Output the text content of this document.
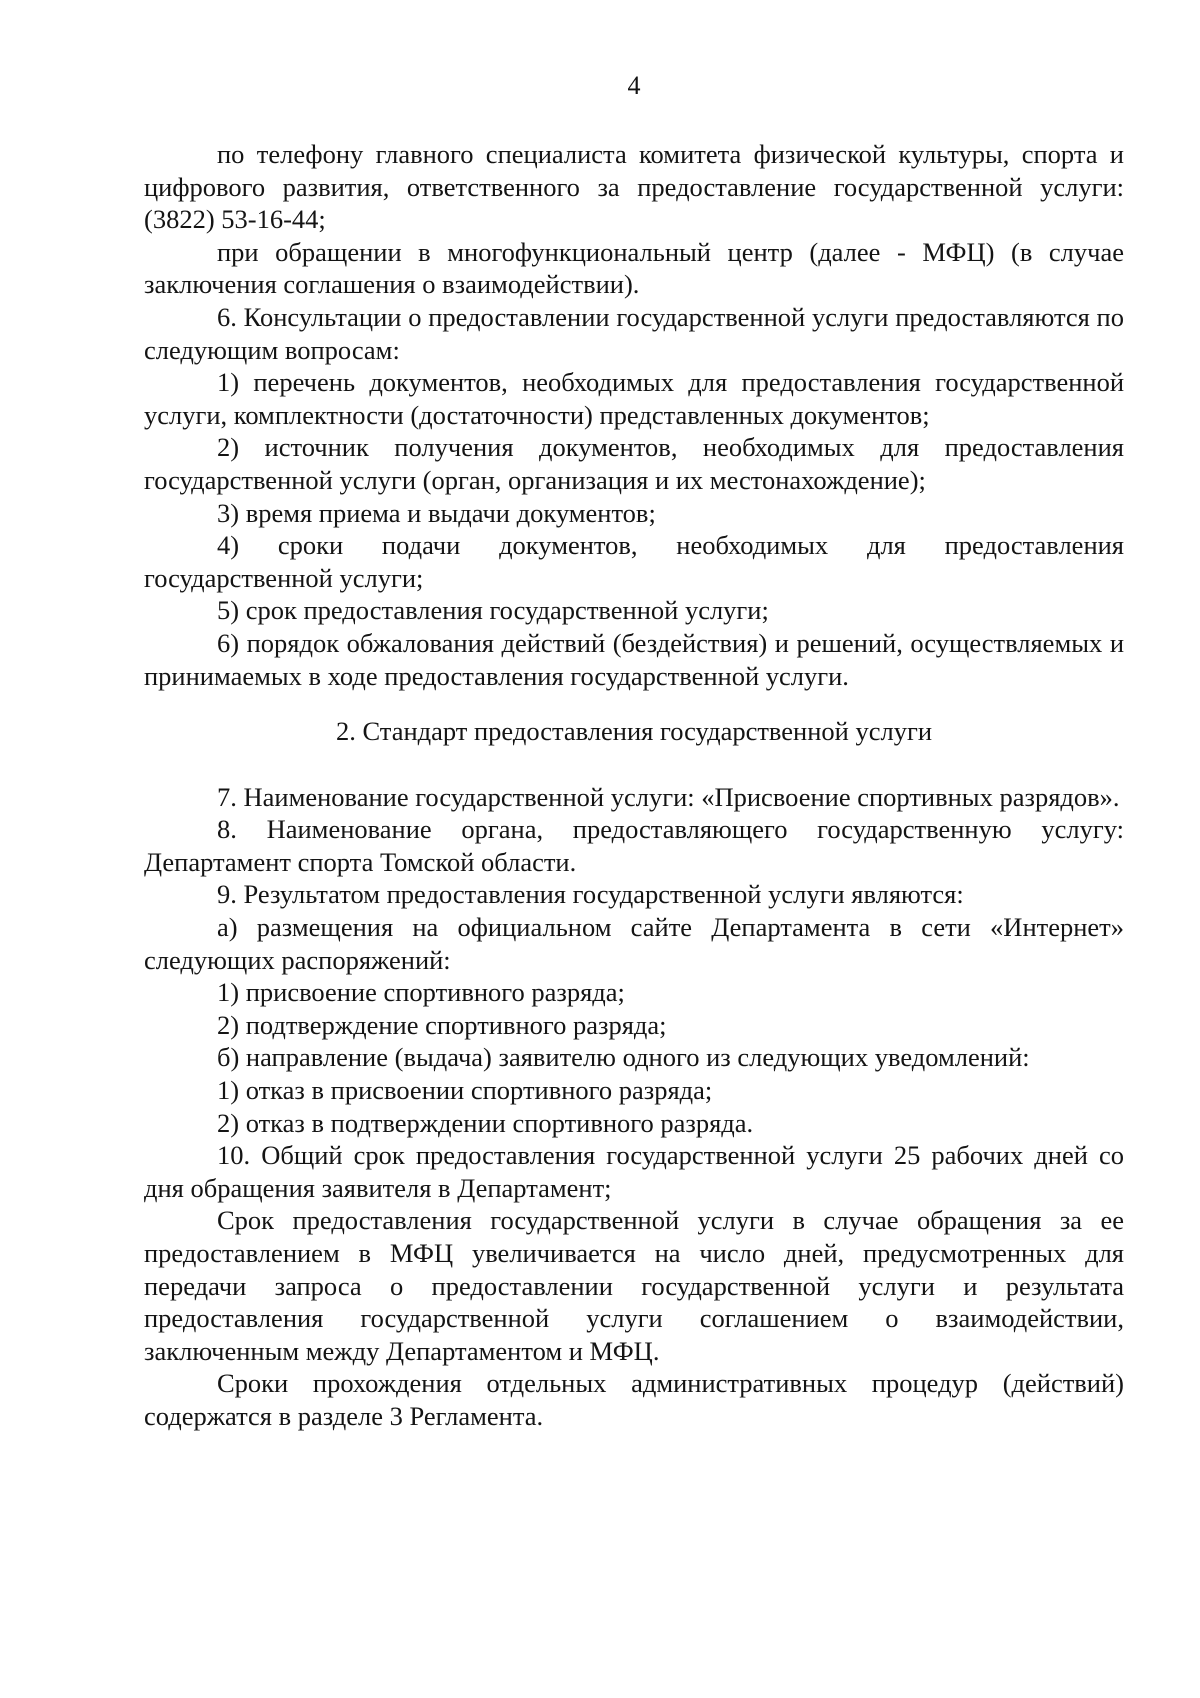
4

по телефону главного специалиста комитета физической культуры, спорта и цифрового развития, ответственного за предоставление государственной услуги: (3822) 53-16-44;

при обращении в многофункциональный центр (далее - МФЦ) (в случае заключения соглашения о взаимодействии).

6. Консультации о предоставлении государственной услуги предоставляются по следующим вопросам:

1) перечень документов, необходимых для предоставления государственной услуги, комплектности (достаточности) представленных документов;

2) источник получения документов, необходимых для предоставления государственной услуги (орган, организация и их местонахождение);

3) время приема и выдачи документов;

4) сроки подачи документов, необходимых для предоставления государственной услуги;

5) срок предоставления государственной услуги;

6) порядок обжалования действий (бездействия) и решений, осуществляемых и принимаемых в ходе предоставления государственной услуги.

2. Стандарт предоставления государственной услуги

7. Наименование государственной услуги: «Присвоение спортивных разрядов».

8. Наименование органа, предоставляющего государственную услугу: Департамент спорта Томской области.

9. Результатом предоставления государственной услуги являются:

а) размещения на официальном сайте Департамента в сети «Интернет» следующих распоряжений:

1) присвоение спортивного разряда;

2) подтверждение спортивного разряда;

б) направление (выдача) заявителю одного из следующих уведомлений:

1) отказ в присвоении спортивного разряда;

2) отказ в подтверждении спортивного разряда.

10. Общий срок предоставления государственной услуги 25 рабочих дней со дня обращения заявителя в Департамент;

Срок предоставления государственной услуги в случае обращения за ее предоставлением в МФЦ увеличивается на число дней, предусмотренных для передачи запроса о предоставлении государственной услуги и результата предоставления государственной услуги соглашением о взаимодействии, заключенным между Департаментом и МФЦ.

Сроки прохождения отдельных административных процедур (действий) содержатся в разделе 3 Регламента.
